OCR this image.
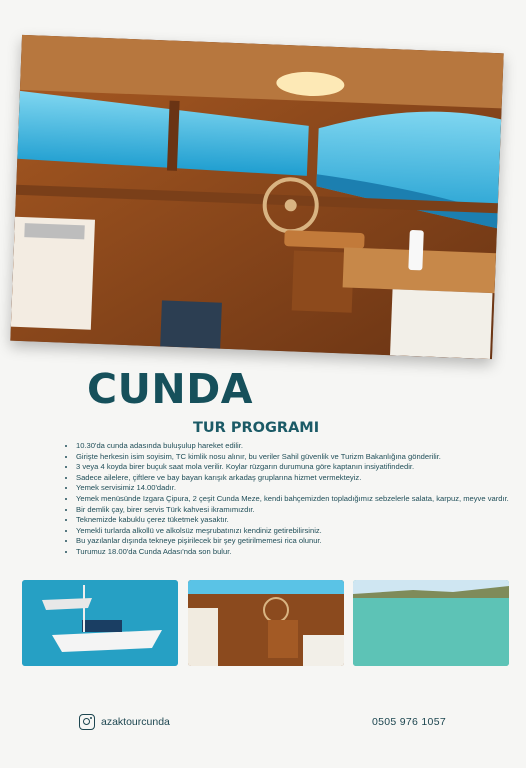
CUNDA
TUR PROGRAMI
• 10.30'da cunda adasında buluşulup hareket edilir.
• Girişte herkesin isim soyisim, TC kimlik nosu alınır, bu veriler Sahil güvenlik ve Turizm Bakanlığına gönderilir.
• 3 veya 4 koyda birer buçuk saat mola verilir. Koylar rüzgarın durumuna göre kaptanın insiyatifindedir.
• Sadece ailelere, çiftlere ve bay bayan karışık arkadaş gruplarına hizmet vermekteyiz.
• Yemek servisimiz 14.00'dadır.
• Yemek menüsünde Izgara Çipura, 2 çeşit Cunda Meze, kendi bahçemizden topladığımız sebzelerle salata, karpuz, meyve vardır.
• Bir demlik çay, birer servis Türk kahvesi ikramımızdır.
• Teknemizde kabuklu çerez tüketmek yasaktır.
• Yemekli turlarda alkollü ve alkolsüz meşrubatınızı kendiniz getirebilirsiniz.
• Bu yazılanlar dışında tekneye pişirilecek bir şey getirilmemesi rica olunur.
• Turumuz 18.00'da Cunda Adası'nda son bulur.
azaktourcunda	0505 976 1057
